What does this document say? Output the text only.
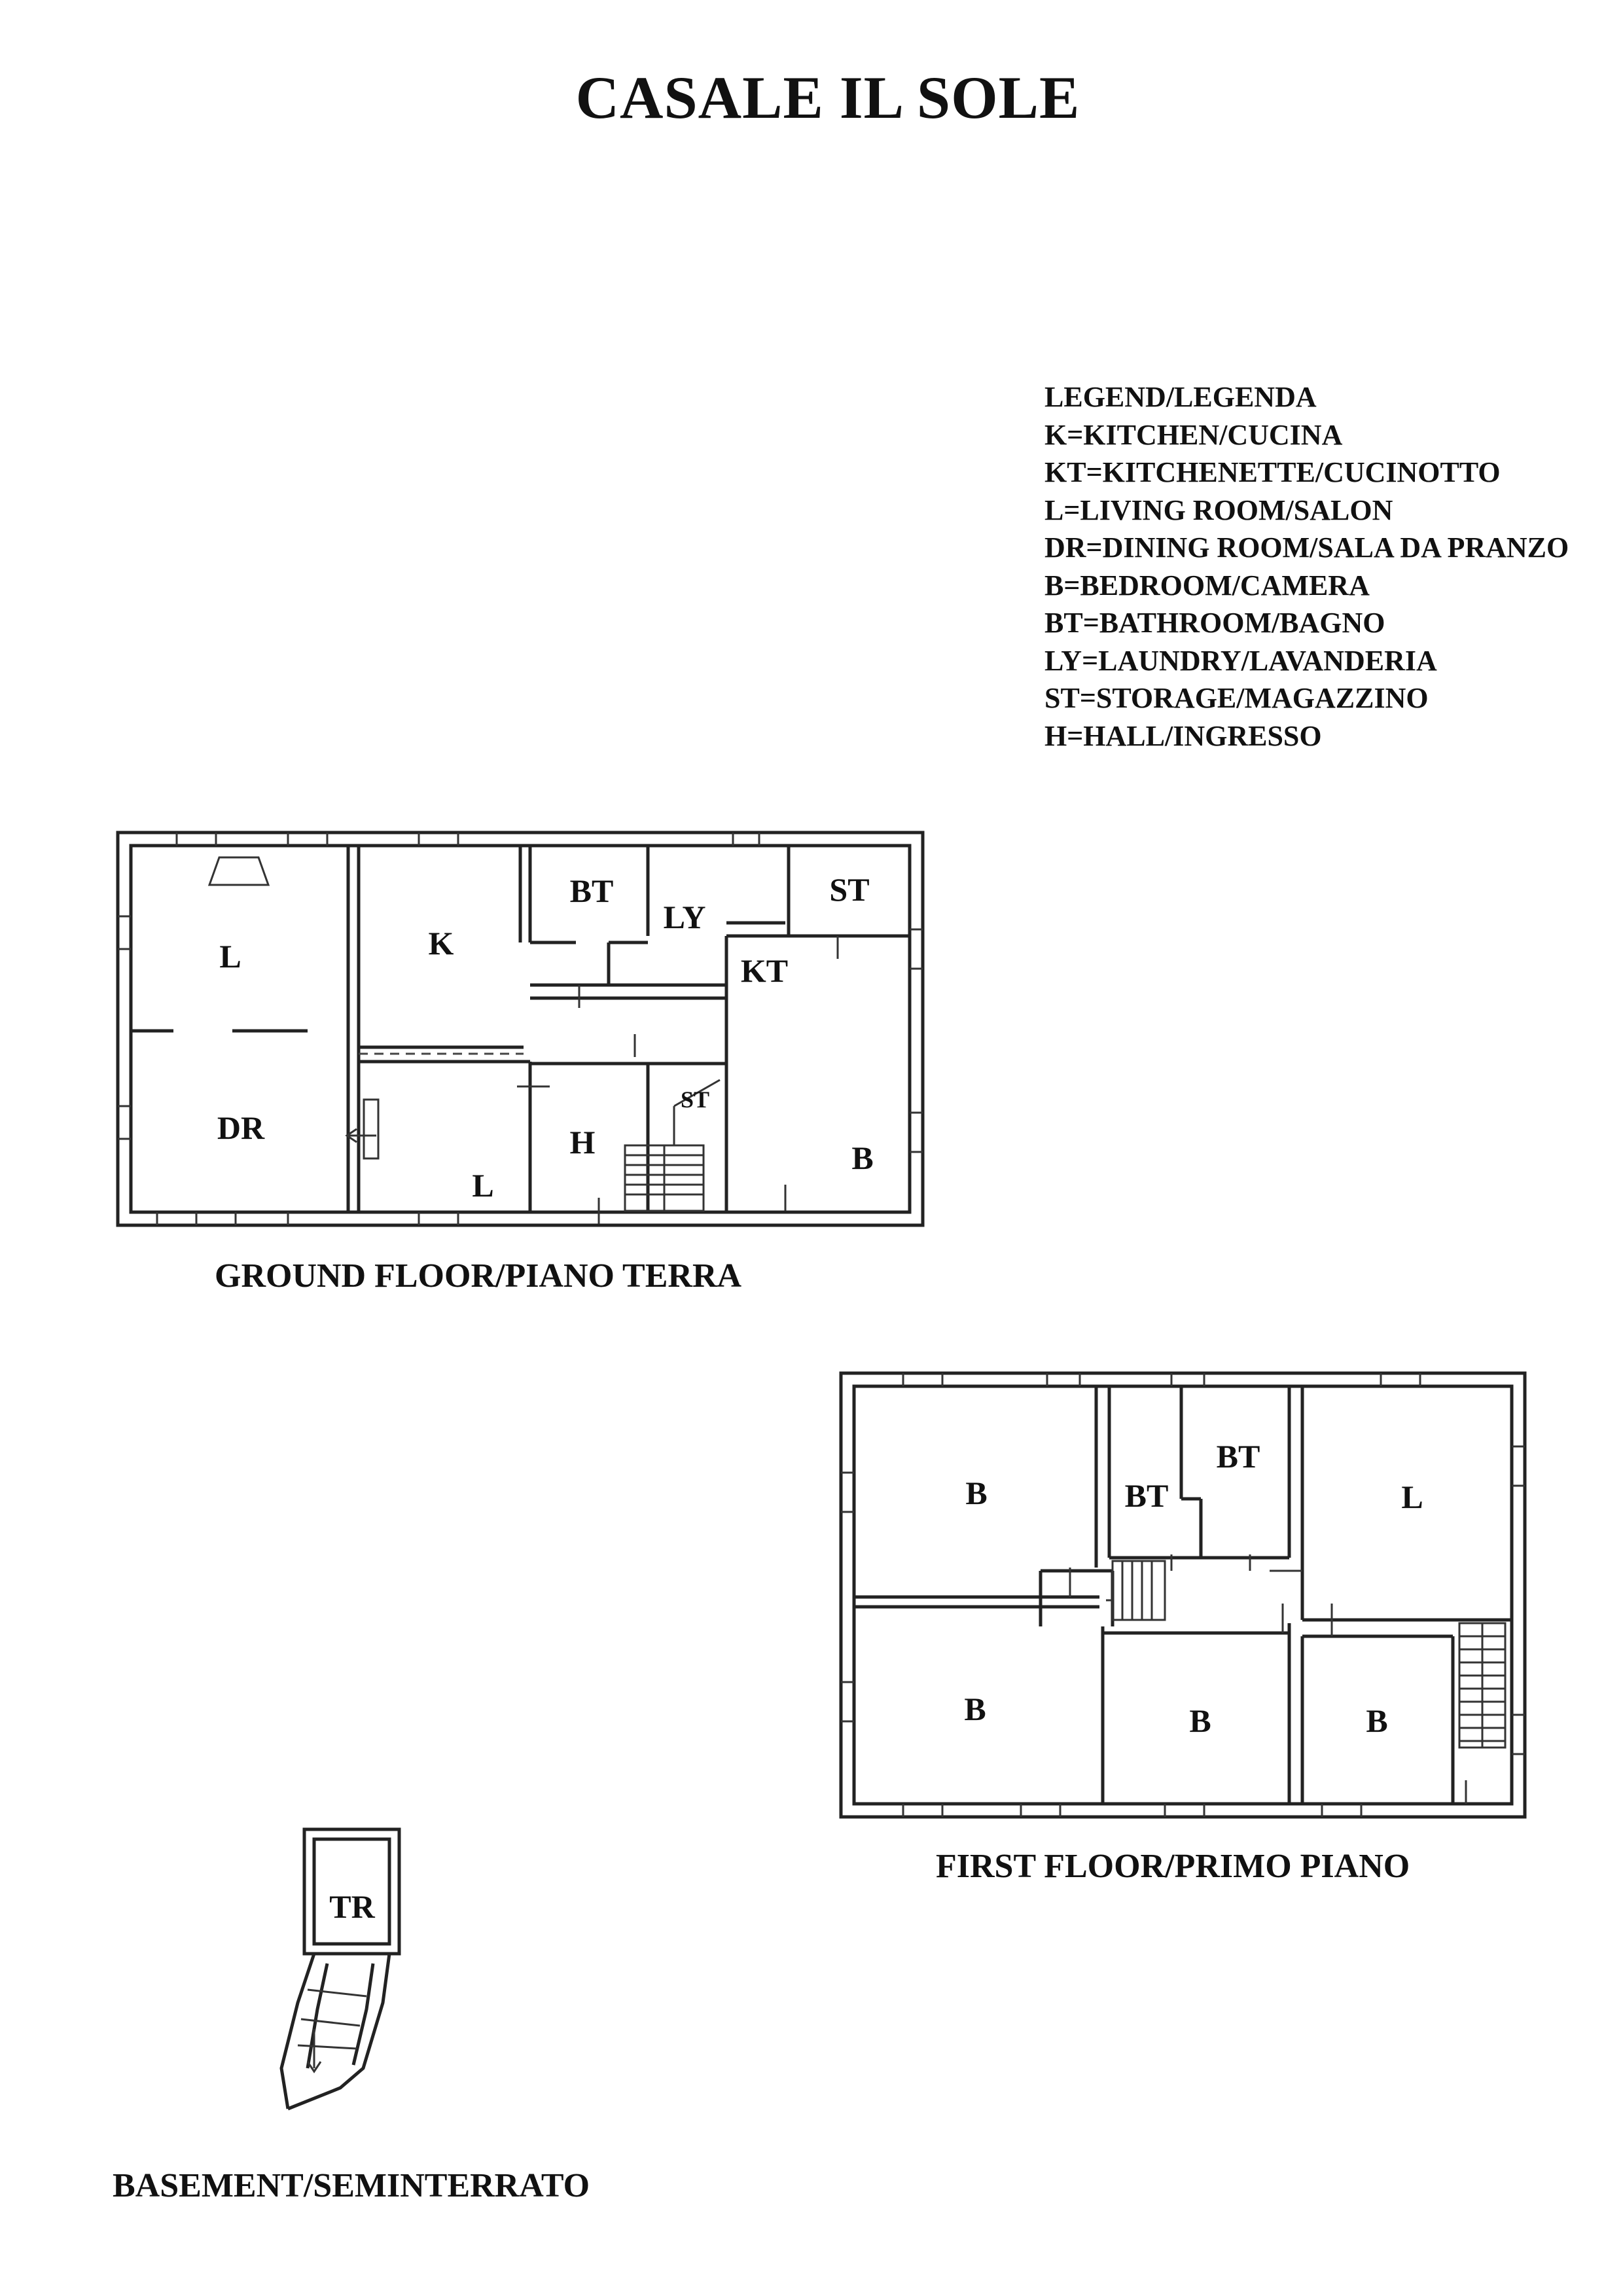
CASALE IL SOLE
LEGEND/LEGENDA
K=KITCHEN/CUCINA
KT=KITCHENETTE/CUCINOTTO
L=LIVING ROOM/SALON
DR=DINING ROOM/SALA DA PRANZO
B=BEDROOM/CAMERA
BT=BATHROOM/BAGNO
LY=LAUNDRY/LAVANDERIA
ST=STORAGE/MAGAZZINO
H=HALL/INGRESSO
L
DR
K
BT
LY
ST
KT
H
L
ST
B
B	BT
BT
L
B	B	B
TR
GROUND FLOOR/PIANO TERRA
FIRST FLOOR/PRIMO PIANO
BASEMENT/SEMINTERRATO
